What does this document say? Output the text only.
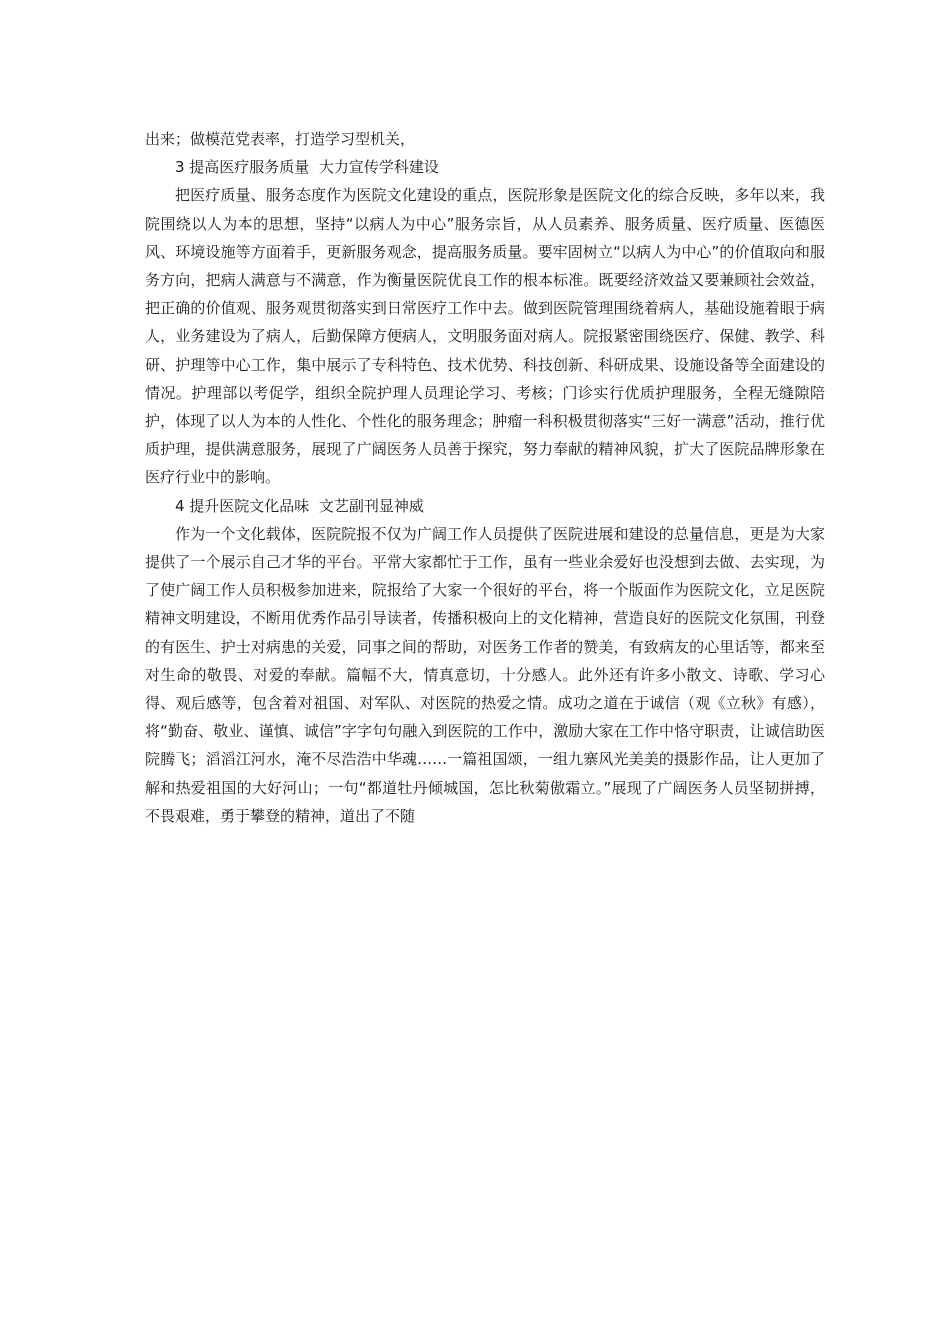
出来；做模范党表率，打造学习型机关，

3 提高医疗服务质量  大力宣传学科建设

把医疗质量、服务态度作为医院文化建设的重点，医院形象是医院文化的综合反映，多年以来，我院围绕以人为本的思想，坚持“以病人为中心”服务宗旨，从人员素养、服务质量、医疗质量、医德医风、环境设施等方面着手，更新服务观念，提高服务质量。要牢固树立“以病人为中心”的价值取向和服务方向，把病人满意与不满意，作为衡量医院优良工作的根本标准。既要经济效益又要兼顾社会效益，把正确的价值观、服务观贯彻落实到日常医疗工作中去。做到医院管理围绕着病人，基础设施着眼于病人，业务建设为了病人，后勤保障方便病人，文明服务面对病人。院报紧密围绕医疗、保健、教学、科研、护理等中心工作，集中展示了专科特色、技术优势、科技创新、科研成果、设施设备等全面建设的情况。护理部以考促学，组织全院护理人员理论学习、考核；门诊实行优质护理服务，全程无缝隙陪护，体现了以人为本的人性化、个性化的服务理念；肿瘤一科积极贯彻落实“三好一满意”活动，推行优质护理，提供满意服务，展现了广阔医务人员善于探究，努力奉献的精神风貌，扩大了医院品牌形象在医疗行业中的影响。

4 提升医院文化品味  文艺副刊显神威

作为一个文化载体，医院院报不仅为广阔工作人员提供了医院进展和建设的总量信息，更是为大家提供了一个展示自己才华的平台。平常大家都忙于工作，虽有一些业余爱好也没想到去做、去实现，为了使广阔工作人员积极参加进来，院报给了大家一个很好的平台，将一个版面作为医院文化，立足医院精神文明建设，不断用优秀作品引导读者，传播积极向上的文化精神，营造良好的医院文化氛围，刊登的有医生、护士对病患的关爱，同事之间的帮助，对医务工作者的赞美，有致病友的心里话等，都来至对生命的敬畏、对爱的奉献。篇幅不大，情真意切，十分感人。此外还有许多小散文、诗歌、学习心得、观后感等，包含着对祖国、对军队、对医院的热爱之情。成功之道在于诚信（观《立秋》有感），将“勤奋、敬业、谨慎、诚信”字字句句融入到医院的工作中，激励大家在工作中恪守职责，让诚信助医院腾飞；滔滔江河水，淹不尽浩浩中华魂……一篇祖国颂，一组九寨风光美美的摄影作品，让人更加了解和热爱祖国的大好河山；一句“都道牡丹倾城国，怎比秋菊傲霜立。”展现了广阔医务人员坚韧拼搏，不畏艰难，勇于攀登的精神，道出了不随
